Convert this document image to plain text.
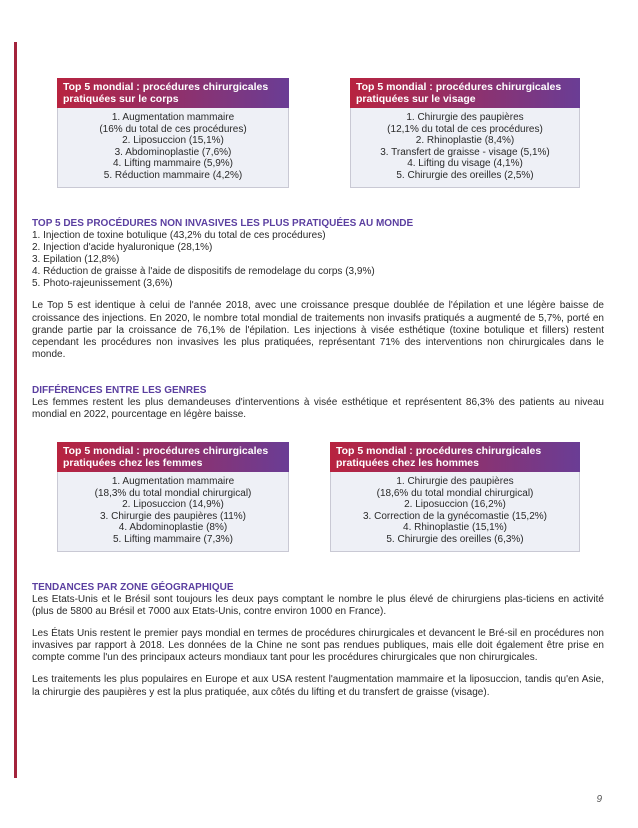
Top 5 mondial : procédures chirurgicales pratiquées sur le corps
1. Augmentation mammaire
(16% du total de ces procédures)
2. Liposuccion (15,1%)
3. Abdominoplastie (7,6%)
4. Lifting mammaire (5,9%)
5. Réduction mammaire (4,2%)
Top 5 mondial : procédures chirurgicales pratiquées sur le visage
1. Chirurgie des paupières
(12,1% du total de ces procédures)
2. Rhinoplastie (8,4%)
3. Transfert de graisse - visage (5,1%)
4. Lifting du visage (4,1%)
5. Chirurgie des oreilles (2,5%)
TOP 5 DES PROCÉDURES NON INVASIVES LES PLUS PRATIQUÉES AU MONDE
1. Injection de toxine botulique (43,2% du total de ces procédures)
2. Injection d'acide hyaluronique (28,1%)
3. Epilation (12,8%)
4. Réduction de graisse à l'aide de dispositifs de remodelage du corps (3,9%)
5. Photo-rajeunissement (3,6%)
Le Top 5 est identique à celui de l'année 2018, avec une croissance presque doublée de l'épilation et une légère baisse de croissance des injections. En 2020, le nombre total mondial de traitements non invasifs pratiqués a augmenté de 5,7%, porté en grande partie par la croissance de 76,1% de l'épilation. Les injections à visée esthétique (toxine botulique et fillers) restent cependant les procédures non invasives les plus pratiquées, représentant 71% des interventions non chirurgicales dans le monde.
DIFFÉRENCES ENTRE LES GENRES
Les femmes restent les plus demandeuses d'interventions à visée esthétique et représentent 86,3% des patients au niveau mondial en 2022, pourcentage en légère baisse.
Top 5 mondial : procédures chirurgicales pratiquées chez les femmes
1. Augmentation mammaire
(18,3% du total mondial chirurgical)
2. Liposuccion (14,9%)
3. Chirurgie des paupières (11%)
4. Abdominoplastie (8%)
5. Lifting mammaire (7,3%)
Top 5 mondial : procédures chirurgicales pratiquées chez les hommes
1. Chirurgie des paupières
(18,6% du total mondial chirurgical)
2. Liposuccion (16,2%)
3. Correction de la gynécomastie (15,2%)
4. Rhinoplastie (15,1%)
5. Chirurgie des oreilles (6,3%)
TENDANCES PAR ZONE GÉOGRAPHIQUE
Les Etats-Unis et le Brésil sont toujours les deux pays comptant le nombre le plus élevé de chirurgiens plas-ticiens en activité (plus de 5800 au Brésil et 7000 aux Etats-Unis, contre environ 1000 en France).
Les États Unis restent le premier pays mondial en termes de procédures chirurgicales et devancent le Bré-sil en procédures non invasives par rapport à 2018. Les données de la Chine ne sont pas rendues publiques, mais elle doit également être prise en compte comme l'un des principaux acteurs mondiaux tant pour les procédures chirurgicales que non chirurgicales.
Les traitements les plus populaires en Europe et aux USA restent l'augmentation mammaire et la liposuccion, tandis qu'en Asie, la chirurgie des paupières y est la plus pratiquée, aux côtés du lifting et du transfert de graisse (visage).
9
